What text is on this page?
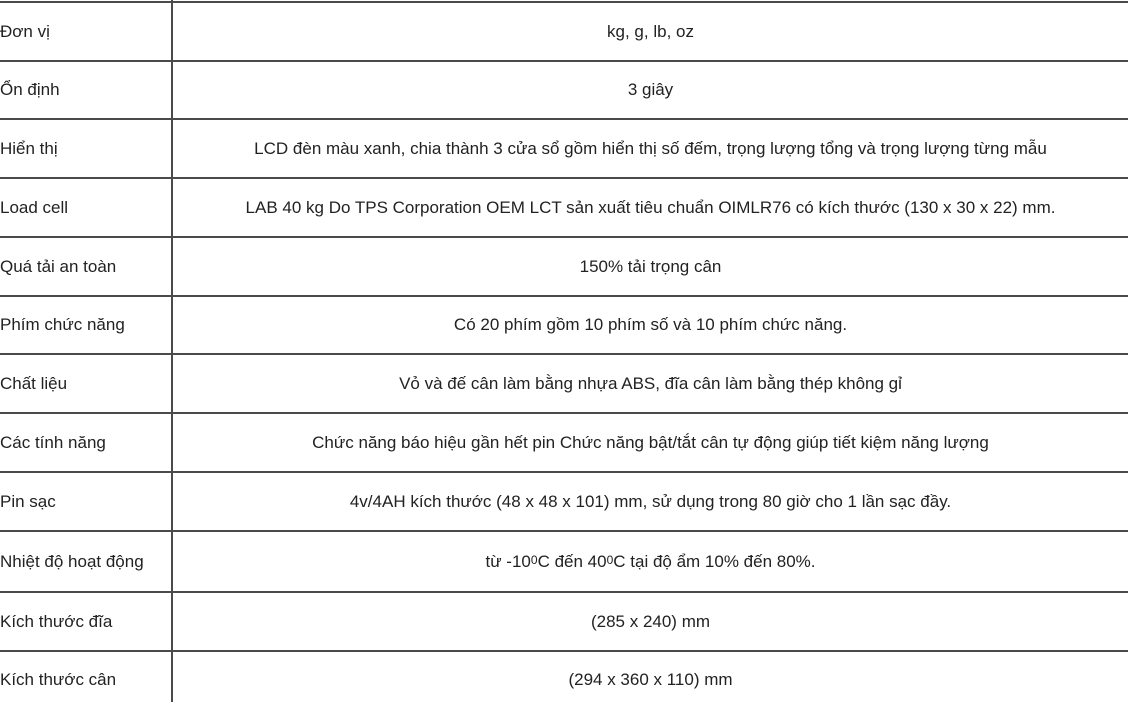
Đơn vị	kg, g, lb, oz
Ổn định	3 giây
Hiển thị	LCD đèn màu xanh, chia thành 3 cửa sổ gồm hiển thị số đếm, trọng lượng tổng và trọng lượng từng mẫu
Load cell	LAB 40 kg Do TPS Corporation OEM LCT sản xuất tiêu chuẩn OIMLR76 có kích thước (130 x 30 x 22) mm.
Quá tải an toàn	150% tải trọng cân
Phím chức năng	Có 20 phím gồm 10 phím số và 10 phím chức năng.
Chất liệu	Vỏ và đế cân làm bằng nhựa ABS, đĩa cân làm bằng thép không gỉ
Các tính năng	Chức năng báo hiệu gần hết pin Chức năng bật/tắt cân tự động giúp tiết kiệm năng lượng
Pin sạc	4v/4AH kích thước (48 x 48 x 101) mm, sử dụng trong 80 giờ cho 1 lần sạc đầy.
Nhiệt độ hoạt động	từ $-10^0$ C đến $40^0$ C tại độ ẩm 10% đến 80%.
Kích thước đĩa	(285 x 240) mm
Kích thước cân	(294 x 360 x 110) mm
